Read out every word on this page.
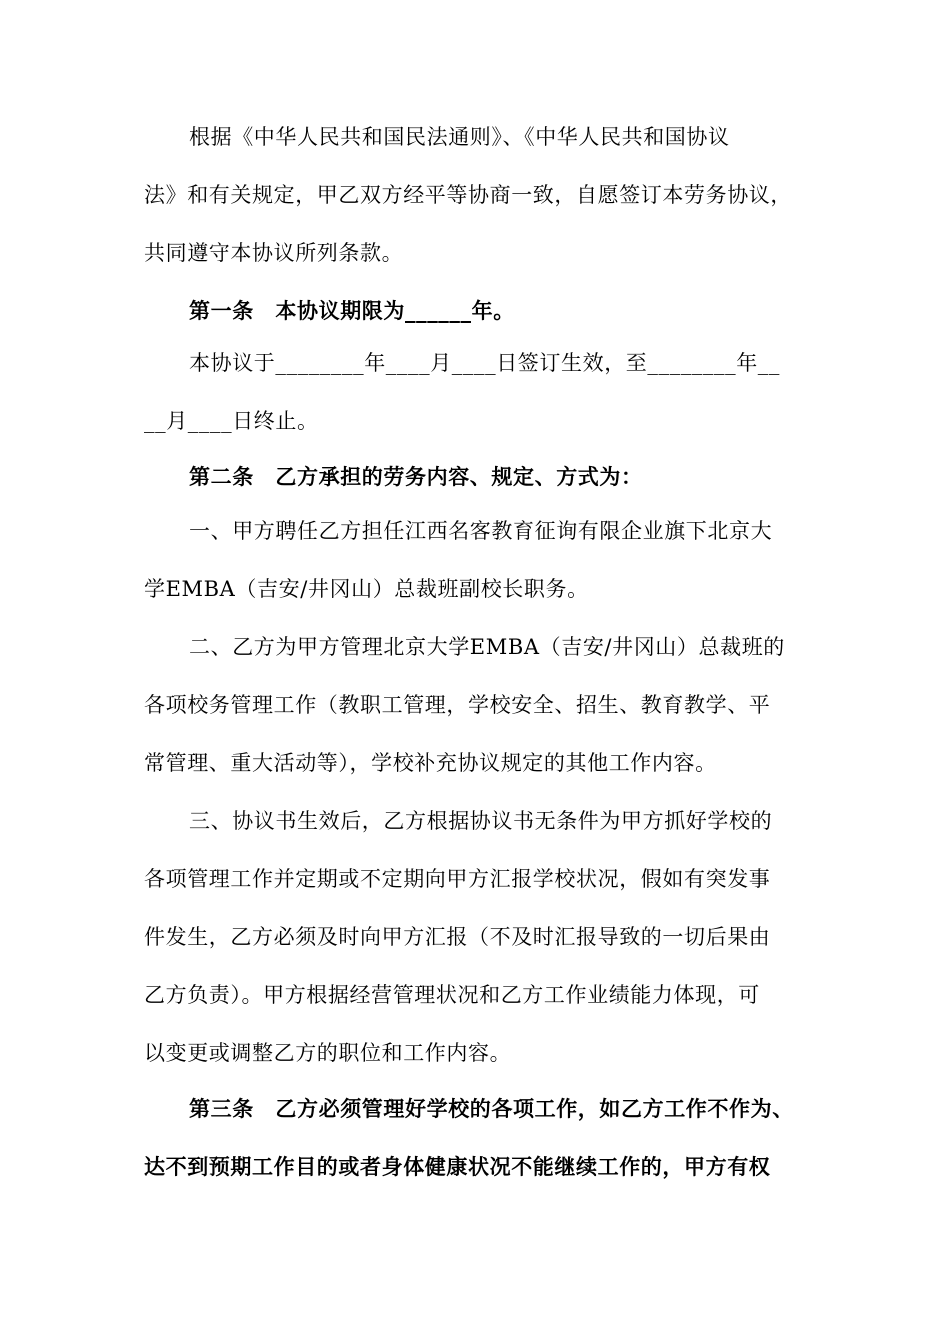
根据《中华人民共和国民法通则》、《中华人民共和国协议
法》和有关规定，甲乙双方经平等协商一致，自愿签订本劳务协议，
共同遵守本协议所列条款。
第一条　本协议期限为______年。
本协议于________年____月____日签订生效，至________年__
__月____日终止。
第二条　乙方承担的劳务内容、规定、方式为：
一、甲方聘任乙方担任江西名客教育征询有限企业旗下北京大
学EMBA（吉安/井冈山）总裁班副校长职务。
二、乙方为甲方管理北京大学EMBA（吉安/井冈山）总裁班的
各项校务管理工作（教职工管理，学校安全、招生、教育教学、平
常管理、重大活动等），学校补充协议规定的其他工作内容。
三、协议书生效后，乙方根据协议书无条件为甲方抓好学校的
各项管理工作并定期或不定期向甲方汇报学校状况，假如有突发事
件发生，乙方必须及时向甲方汇报（不及时汇报导致的一切后果由
乙方负责）。甲方根据经营管理状况和乙方工作业绩能力体现，可
以变更或调整乙方的职位和工作内容。
第三条　乙方必须管理好学校的各项工作，如乙方工作不作为、
达不到预期工作目的或者身体健康状况不能继续工作的，甲方有权
